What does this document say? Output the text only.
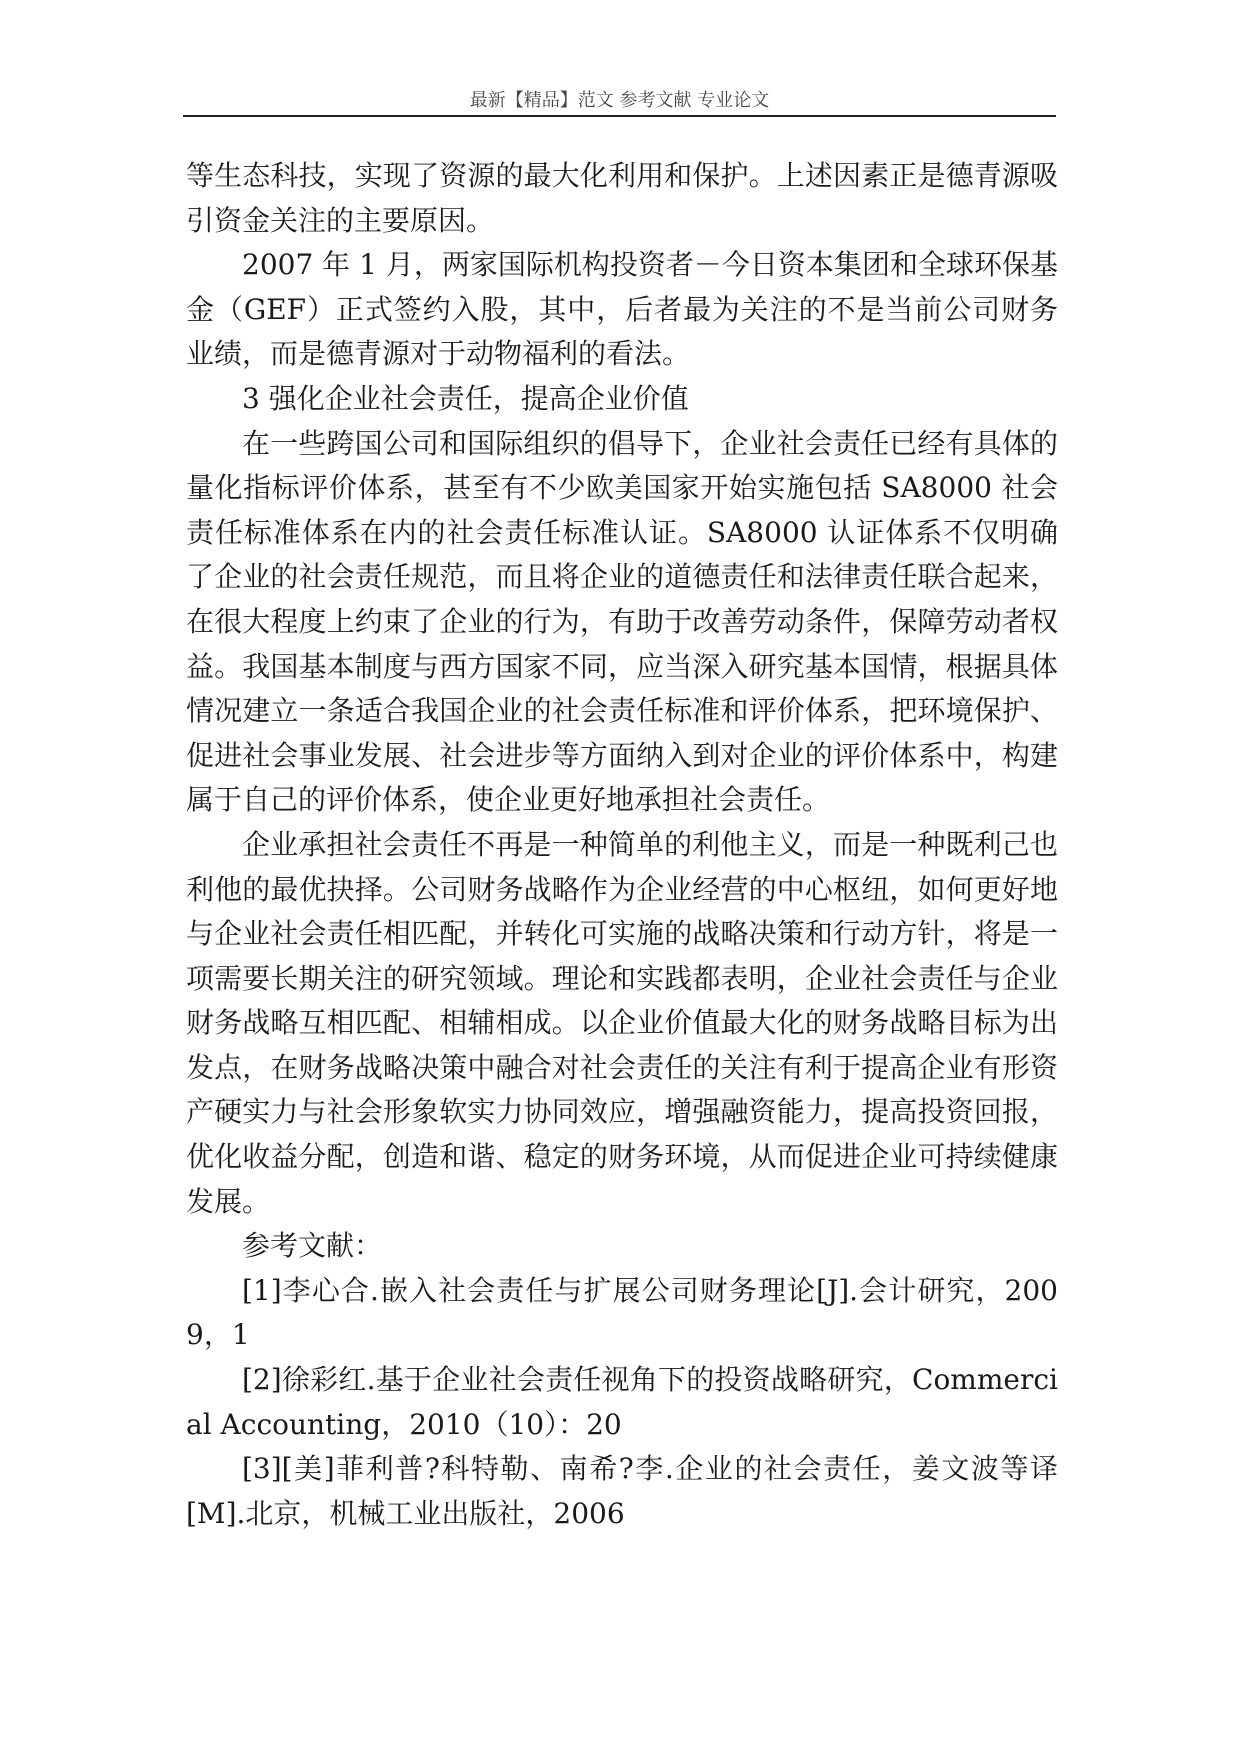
最新【精品】范文 参考文献 专业论文

等生态科技，实现了资源的最大化利用和保护。上述因素正是德青源吸引资金关注的主要原因。

2007 年 1 月，两家国际机构投资者－今日资本集团和全球环保基金（GEF）正式签约入股，其中，后者最为关注的不是当前公司财务业绩，而是德青源对于动物福利的看法。

3 强化企业社会责任，提高企业价值

在一些跨国公司和国际组织的倡导下，企业社会责任已经有具体的量化指标评价体系，甚至有不少欧美国家开始实施包括 SA8000 社会责任标准体系在内的社会责任标准认证。SA8000 认证体系不仅明确了企业的社会责任规范，而且将企业的道德责任和法律责任联合起来，在很大程度上约束了企业的行为，有助于改善劳动条件，保障劳动者权益。我国基本制度与西方国家不同，应当深入研究基本国情，根据具体情况建立一条适合我国企业的社会责任标准和评价体系，把环境保护、促进社会事业发展、社会进步等方面纳入到对企业的评价体系中，构建属于自己的评价体系，使企业更好地承担社会责任。

企业承担社会责任不再是一种简单的利他主义，而是一种既利己也利他的最优抉择。公司财务战略作为企业经营的中心枢纽，如何更好地与企业社会责任相匹配，并转化可实施的战略决策和行动方针，将是一项需要长期关注的研究领域。理论和实践都表明，企业社会责任与企业财务战略互相匹配、相辅相成。以企业价值最大化的财务战略目标为出发点，在财务战略决策中融合对社会责任的关注有利于提高企业有形资产硬实力与社会形象软实力协同效应，增强融资能力，提高投资回报，优化收益分配，创造和谐、稳定的财务环境，从而促进企业可持续健康发展。

参考文献：

[1]李心合.嵌入社会责任与扩展公司财务理论[J].会计研究，2009，1

[2]徐彩红.基于企业社会责任视角下的投资战略研究，Commercial Accounting，2010（10）：20

[3][美]菲利普?科特勒、南希?李.企业的社会责任，姜文波等译[M].北京，机械工业出版社，2006
